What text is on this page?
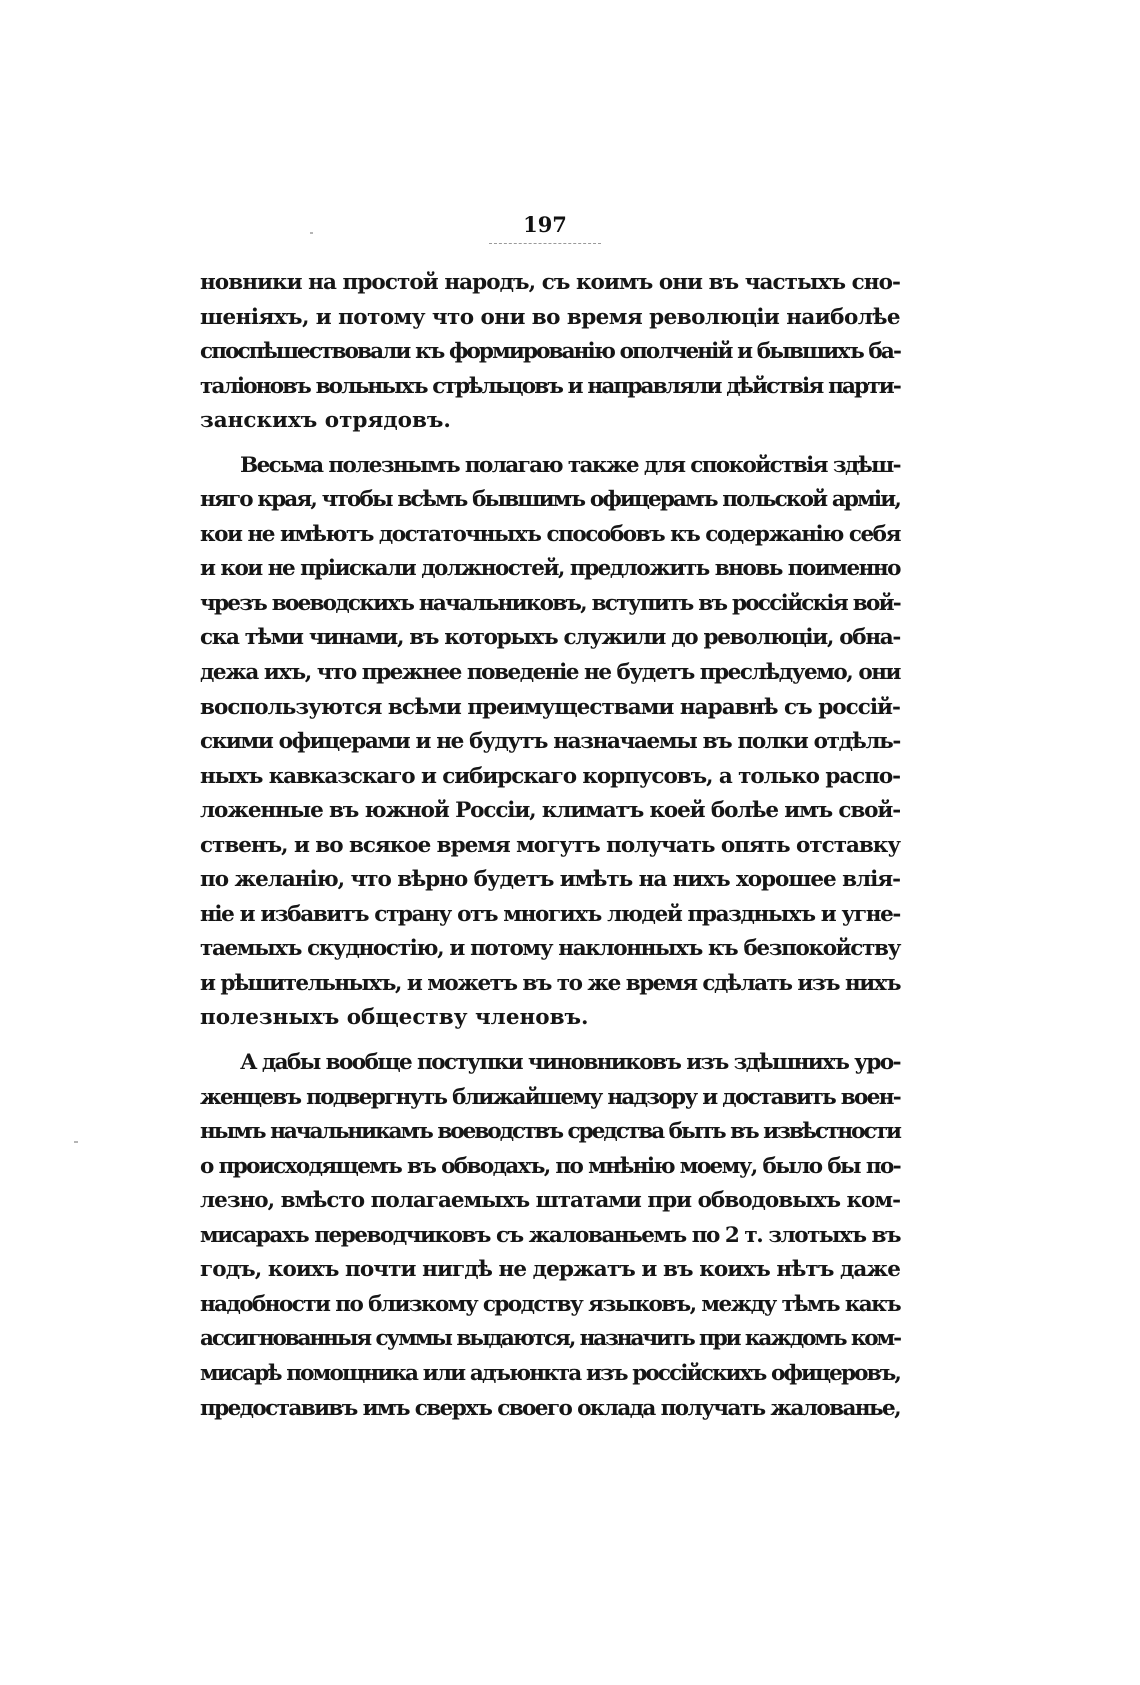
197
новники на простой народъ, съ коимъ они въ частыхъ сно-
шеніяхъ, и потому что они во время революціи наиболѣе
споспѣшествовали къ формированію ополченій и бывшихъ ба-
таліоновъ вольныхъ стрѣльцовъ и направляли дѣйствія парти-
занскихъ отрядовъ.
Весьма полезнымъ полагаю также для спокойствія здѣш-
няго края, чтобы всѣмъ бывшимъ офицерамъ польской арміи,
кои не имѣютъ достаточныхъ способовъ къ содержанію себя
и кои не пріискали должностей, предложить вновь поименно
чрезъ воеводскихъ начальниковъ, вступить въ россійскія вой-
ска тѣми чинами, въ которыхъ служили до революціи, обна-
дежа ихъ, что прежнее поведеніе не будетъ преслѣдуемо, они
воспользуются всѣми преимуществами наравнѣ съ россій-
скими офицерами и не будутъ назначаемы въ полки отдѣль-
ныхъ кавказскаго и сибирскаго корпусовъ, а только распо-
ложенные въ южной Россіи, климатъ коей болѣе имъ свой-
ственъ, и во всякое время могутъ получать опять отставку
по желанію, что вѣрно будетъ имѣть на нихъ хорошее влія-
ніе и избавитъ страну отъ многихъ людей праздныхъ и угне-
таемыхъ скудностію, и потому наклонныхъ къ безпокойству
и рѣшительныхъ, и можетъ въ то же время сдѣлать изъ нихъ
полезныхъ обществу членовъ.
А дабы вообще поступки чиновниковъ изъ здѣшнихъ уро-
женцевъ подвергнуть ближайшему надзору и доставить воен-
нымъ начальникамъ воеводствъ средства быть въ извѣстности
о происходящемъ въ обводахъ, по мнѣнію моему, было бы по-
лезно, вмѣсто полагаемыхъ штатами при обводовыхъ ком-
мисарахъ переводчиковъ съ жалованьемъ по 2 т. злотыхъ въ
годъ, коихъ почти нигдѣ не держатъ и въ коихъ нѣтъ даже
надобности по близкому сродству языковъ, между тѣмъ какъ
ассигнованныя суммы выдаются, назначить при каждомъ ком-
мисарѣ помощника или адъюнкта изъ россійскихъ офицеровъ,
предоставивъ имъ сверхъ своего оклада получать жалованье,
